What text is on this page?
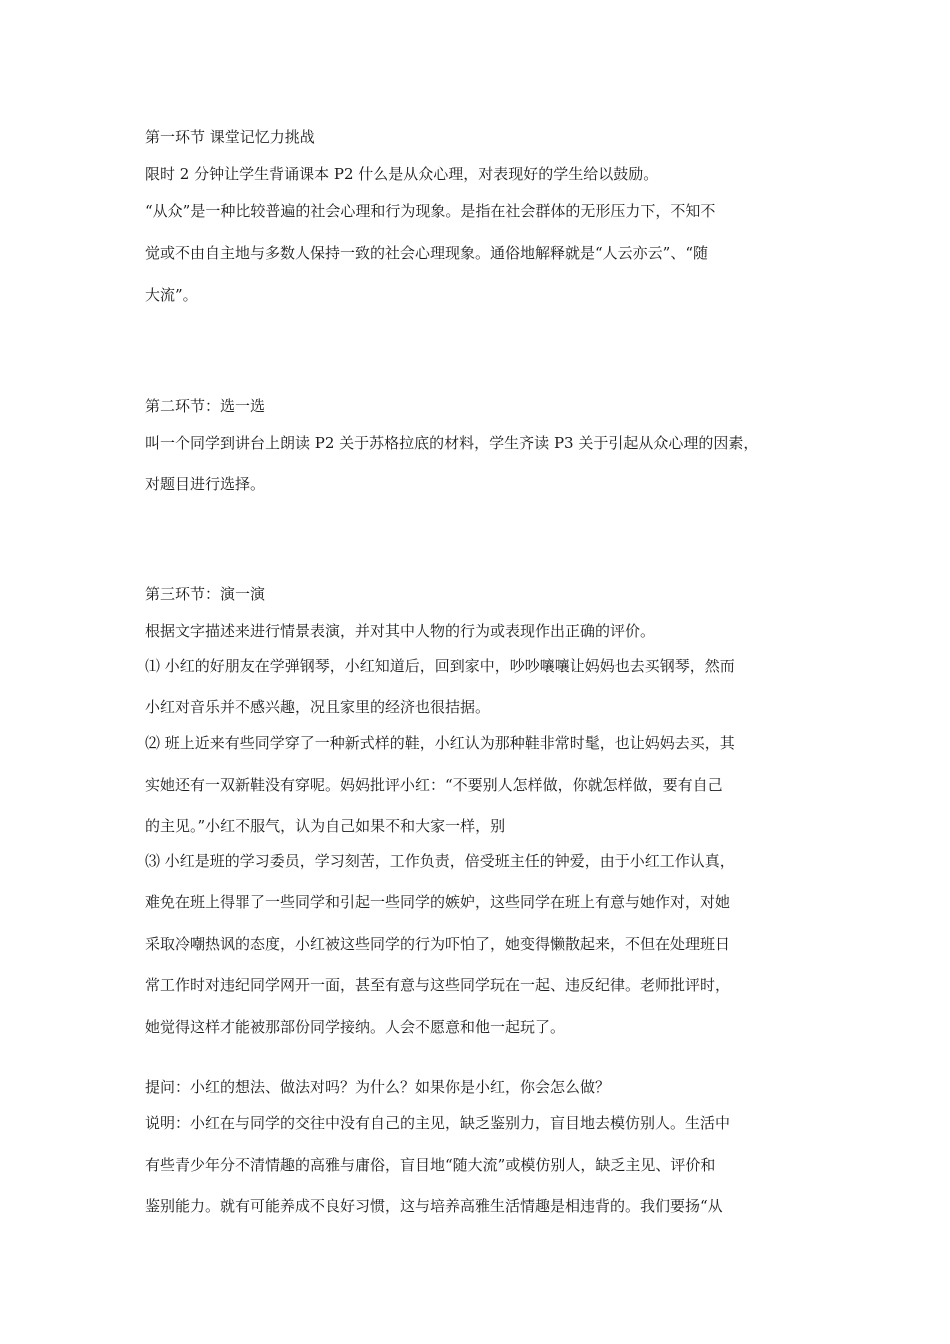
第一环节 课堂记忆力挑战
限时 2 分钟让学生背诵课本 P2 什么是从众心理，对表现好的学生给以鼓励。
“从众”是一种比较普遍的社会心理和行为现象。是指在社会群体的无形压力下，不知不
觉或不由自主地与多数人保持一致的社会心理现象。通俗地解释就是“人云亦云”、“随
大流”。
第二环节：选一选
叫一个同学到讲台上朗读 P2 关于苏格拉底的材料，学生齐读 P3 关于引起从众心理的因素，
对题目进行选择。
第三环节：演一演
根据文字描述来进行情景表演，并对其中人物的行为或表现作出正确的评价。
⑴ 小红的好朋友在学弹钢琴，小红知道后，回到家中，吵吵嚷嚷让妈妈也去买钢琴，然而
小红对音乐并不感兴趣，况且家里的经济也很拮据。
⑵ 班上近来有些同学穿了一种新式样的鞋，小红认为那种鞋非常时髦，也让妈妈去买，其
实她还有一双新鞋没有穿呢。妈妈批评小红：“不要别人怎样做，你就怎样做，要有自己
的主见。”小红不服气，认为自己如果不和大家一样，别
⑶ 小红是班的学习委员，学习刻苦，工作负责，倍受班主任的钟爱，由于小红工作认真，
难免在班上得罪了一些同学和引起一些同学的嫉妒，这些同学在班上有意与她作对，对她
采取冷嘲热讽的态度，小红被这些同学的行为吓怕了，她变得懒散起来，不但在处理班日
常工作时对违纪同学网开一面，甚至有意与这些同学玩在一起、违反纪律。老师批评时，
她觉得这样才能被那部份同学接纳。人会不愿意和他一起玩了。
提问：小红的想法、做法对吗？为什么？如果你是小红，你会怎么做？
说明：小红在与同学的交往中没有自己的主见，缺乏鉴别力，盲目地去模仿别人。生活中
有些青少年分不清情趣的高雅与庸俗，盲目地“随大流”或模仿别人，缺乏主见、评价和
鉴别能力。就有可能养成不良好习惯，这与培养高雅生活情趣是相违背的。我们要扬“从
